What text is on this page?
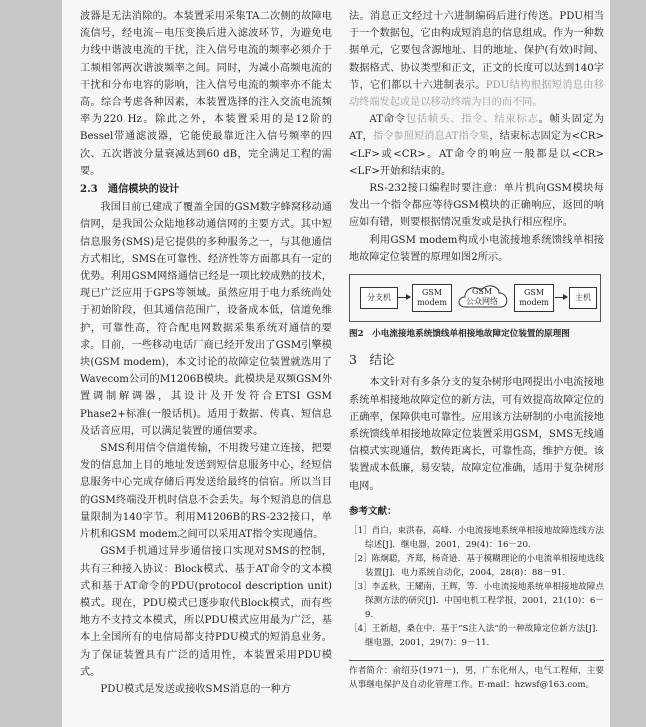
波器是无法消除的。本装置采用采集TA二次侧的故障电流信号，经电流－电压变换后进入滤波环节，为避免电力线中谐波电流的干扰，注入信号电流的频率必须介于工频相邻两次谐波频率之间。同时，为减小高频电流的干扰和分布电容的影响，注入信号电流的频率亦不能太高。综合考虑各种因素，本装置选择的注入交流电流频率为220 Hz。除此之外，本装置采用的是12阶的Bessel带通滤波器，它能使最靠近注入信号频率的四次、五次谐波分量衰减达到60 dB，完全满足工程的需要。

2.3　通信模块的设计

我国目前已建成了覆盖全国的GSM数字蜂窝移动通信网，是我国公众陆地移动通信网的主要方式。其中短信息服务(SMS)是它提供的多种服务之一，与其他通信方式相比，SMS在可靠性、经济性等方面都具有一定的优势。利用GSM网络通信已经是一项比较成熟的技术，现已广泛应用于GPS等领域。虽然应用于电力系统尚处于初始阶段，但其通信范围广，设备成本低，信道免维护，可靠性高，符合配电网数据采集系统对通信的要求。目前，一些移动电话厂商已经开发出了GSM引擎模块(GSM modem)，本文讨论的故障定位装置就选用了Wavecom公司的M1206B模块。此模块是双频GSM外置调制解调器，其设计及开发符合ETSI GSM Phase2+标准(一般话机)。适用于数据、传真、短信息及话音应用，可以满足装置的通信要求。

SMS利用信令信道传输，不用拨号建立连接，把要发的信息加上目的地址发送到短信息服务中心，经短信息服务中心完成存储后再发送给最终的信宿。所以当目的GSM终端没开机时信息不会丢失。每个短消息的信息量限制为140字节。利用M1206B的RS-232接口，单片机和GSM modem之间可以采用AT指令实现通信。

GSM手机通过异步通信接口实现对SMS的控制，共有三种接入协议：Block模式、基于AT命令的文本模式和基于AT命令的PDU(protocol description unit)模式。现在，PDU模式已逐步取代Block模式，而有些地方不支持文本模式，所以PDU模式应用最为广泛，基本上全国所有的电信局都支持PDU模式的短消息业务。为了保证装置具有广泛的适用性，本装置采用PDU模式。

PDU模式是发送或接收SMS消息的一种方

法。消息正文经过十六进制编码后进行传送。PDU相当于一个数据包，它由构成短消息的信息组成。作为一种数据单元，它要包含源地址、目的地址、保护(有效)时间、数据格式、协议类型和正文，正文的长度可以达到140字节，它们都以十六进制表示。PDU结构根据短消息由移动终端发起或是以移动终端为目的而不同。

AT命令包括帧头、指令、结束标志。帧头固定为AT，指令参照短消息AT指令集，结束标志固定为<CR><LF>或<CR>。AT命令的响应一般都是以<CR><LF>开始和结束的。

RS-232接口编程时要注意：单片机向GSM模块每发出一个指令都应等待GSM模块的正确响应，返回的响应如有错，则要根据情况重发或是执行相应程序。

利用GSM modem构成小电流接地系统馈线单相接地故障定位装置的原理如图2所示。

分支机
GSM
modem
GSM
公众网络
GSM
modem
主机

图2　小电流接地系统馈线单相接地故障定位装置的原理图

3　结论

本文针对有多条分支的复杂树形电网提出小电流接地系统单相接地故障定位的新方法，可有效提高故障定位的正确率，保障供电可靠性。应用该方法研制的小电流接地系统馈线单相接地故障定位装置采用GSM，SMS无线通信模式实现通信，数传距离长，可靠性高，维护方便。该装置成本低廉，易安装，故障定位准确，适用于复杂树形电网。

参考文献：

［1］肖白，束洪春，高峰．小电流接地系统单相接地故障选线方法综述[J]．继电器，2001，29(4)：16－20.

［2］陈炯聪，齐郑，杨奇逊．基于模糊理论的小电流单相接地选线装置[J]．电力系统自动化，2004，28(8)：88－91.

［3］李孟秋，王耀南，王辉，等．小电流接地系统单相接地故障点探测方法的研究[J]．中国电机工程学报，2001，21(10)：6－9.

［4］王新超，桑在中．基于“S注入法”的一种故障定位新方法[J]．继电器，2001，29(7)：9－11.

作者简介：俞绍芬(1971－)，男，广东化州人，电气工程师，主要从事继电保护及自动化管理工作。E-mail：hzwsf@163.com。
